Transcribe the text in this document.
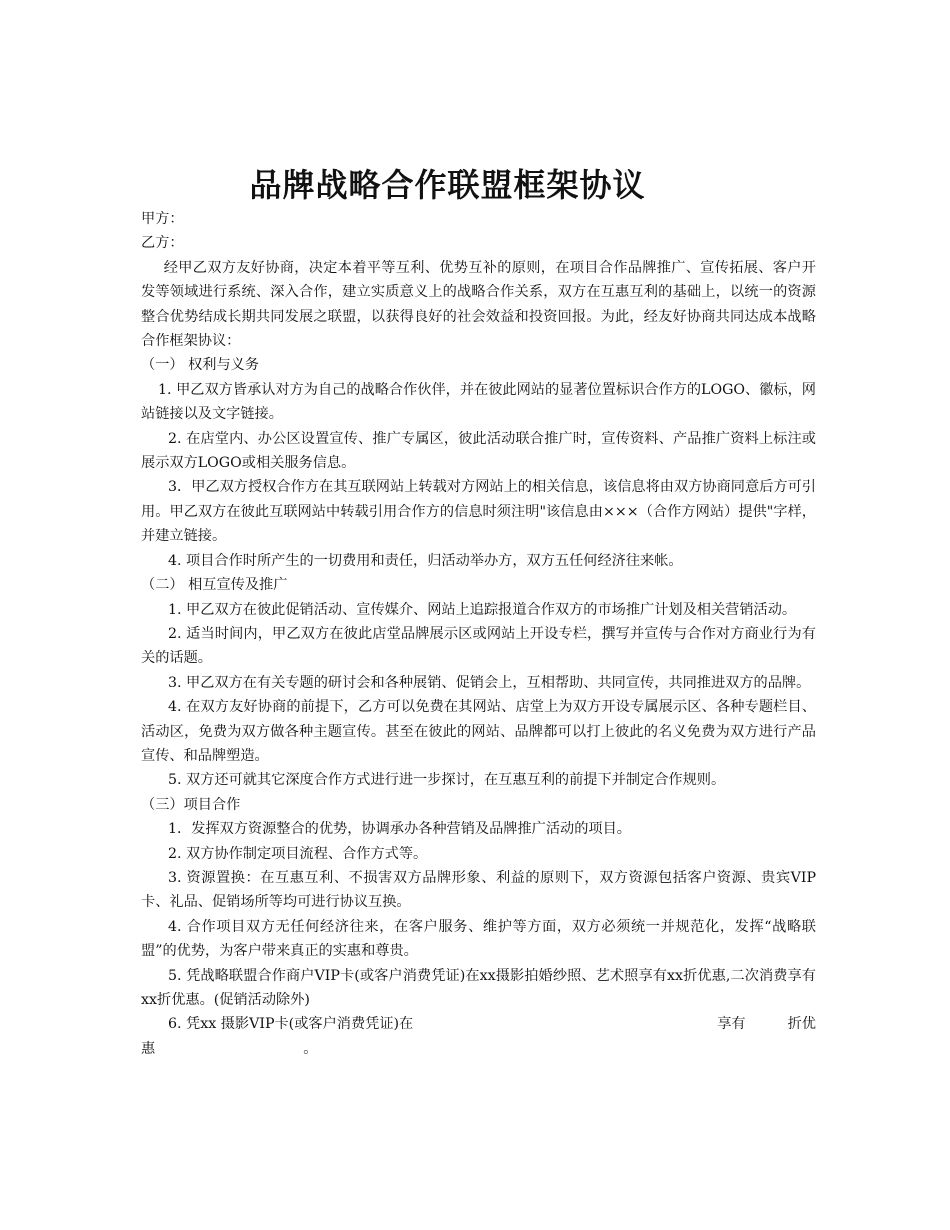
品牌战略合作联盟框架协议

甲方：

乙方：

经甲乙双方友好协商，决定本着平等互利、优势互补的原则，在项目合作品牌推广、宣传拓展、客户开发等领域进行系统、深入合作，建立实质意义上的战略合作关系，双方在互惠互利的基础上，以统一的资源整合优势结成长期共同发展之联盟，以获得良好的社会效益和投资回报。为此，经友好协商共同达成本战略合作框架协议：

（一） 权利与义务

1. 甲乙双方皆承认对方为自己的战略合作伙伴，并在彼此网站的显著位置标识合作方的LOGO、徽标，网站链接以及文字链接。

2. 在店堂内、办公区设置宣传、推广专属区，彼此活动联合推广时，宣传资料、产品推广资料上标注或展示双方LOGO或相关服务信息。

3．甲乙双方授权合作方在其互联网站上转载对方网站上的相关信息，该信息将由双方协商同意后方可引用。甲乙双方在彼此互联网站中转载引用合作方的信息时须注明"该信息由×××（合作方网站）提供"字样，并建立链接。

4. 项目合作时所产生的一切费用和责任，归活动举办方，双方五任何经济往来帐。

（二） 相互宣传及推广

1. 甲乙双方在彼此促销活动、宣传媒介、网站上追踪报道合作双方的市场推广计划及相关营销活动。

2. 适当时间内，甲乙双方在彼此店堂品牌展示区或网站上开设专栏，撰写并宣传与合作对方商业行为有关的话题。

3. 甲乙双方在有关专题的研讨会和各种展销、促销会上，互相帮助、共同宣传，共同推进双方的品牌。

4. 在双方友好协商的前提下，乙方可以免费在其网站、店堂上为双方开设专属展示区、各种专题栏目、活动区，免费为双方做各种主题宣传。甚至在彼此的网站、品牌都可以打上彼此的名义免费为双方进行产品宣传、和品牌塑造。

5. 双方还可就其它深度合作方式进行进一步探讨，在互惠互利的前提下并制定合作规则。

（三）项目合作

1．发挥双方资源整合的优势，协调承办各种营销及品牌推广活动的项目。

2. 双方协作制定项目流程、合作方式等。

3. 资源置换：在互惠互利、不损害双方品牌形象、利益的原则下，双方资源包括客户资源、贵宾VIP卡、礼品、促销场所等均可进行协议互换。

4. 合作项目双方无任何经济往来，在客户服务、维护等方面，双方必须统一并规范化，发挥“战略联盟”的优势，为客户带来真正的实惠和尊贵。

5. 凭战略联盟合作商户VIP卡(或客户消费凭证)在xx摄影拍婚纱照、艺术照享有xx折优惠,二次消费享有xx折优惠。(促销活动除外)

6. 凭xx 摄影VIP卡(或客户消费凭证)在	享有	折优

惠	。
